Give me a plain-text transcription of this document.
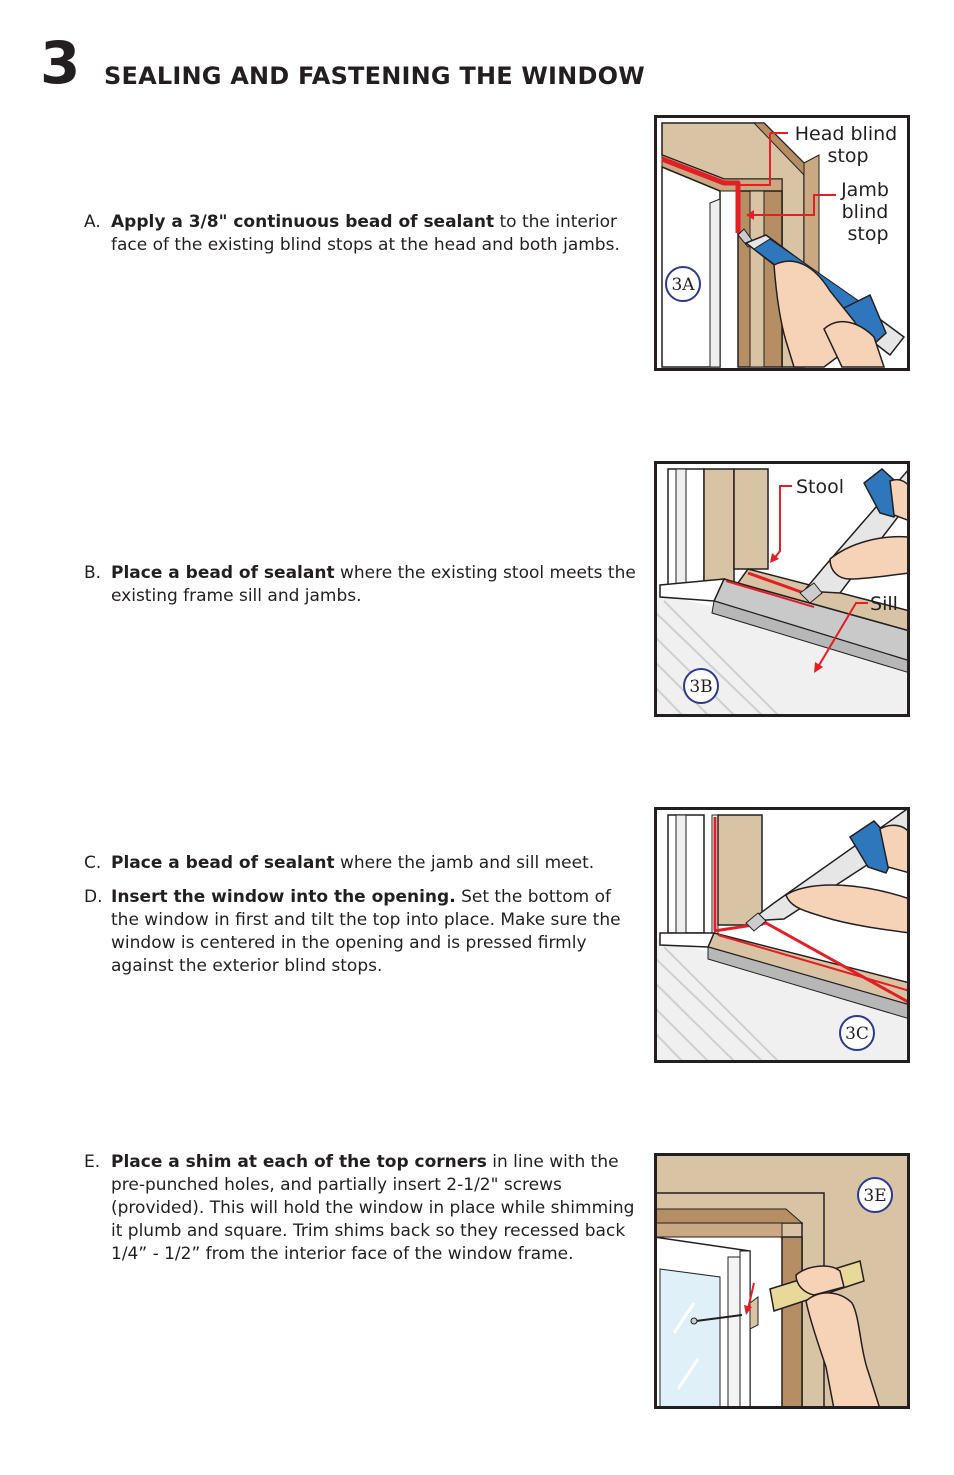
3 SEALING AND FASTENING THE WINDOW
A. Apply a 3/8" continuous bead of sealant to the interior face of the existing blind stops at the head and both jambs.
B. Place a bead of sealant where the existing stool meets the existing frame sill and jambs.
C. Place a bead of sealant where the jamb and sill meet.
D. Insert the window into the opening. Set the bottom of the window in first and tilt the top into place. Make sure the window is centered in the opening and is pressed firmly against the exterior blind stops.
E. Place a shim at each of the top corners in line with the pre-punched holes, and partially insert 2-1/2" screws (provided). This will hold the window in place while shimming it plumb and square. Trim shims back so they recessed back 1/4” - 1/2” from the interior face of the window frame.
3A
Head blind
stop
Jamb
blind
stop
Stool
Sill
3B
3C
3E
